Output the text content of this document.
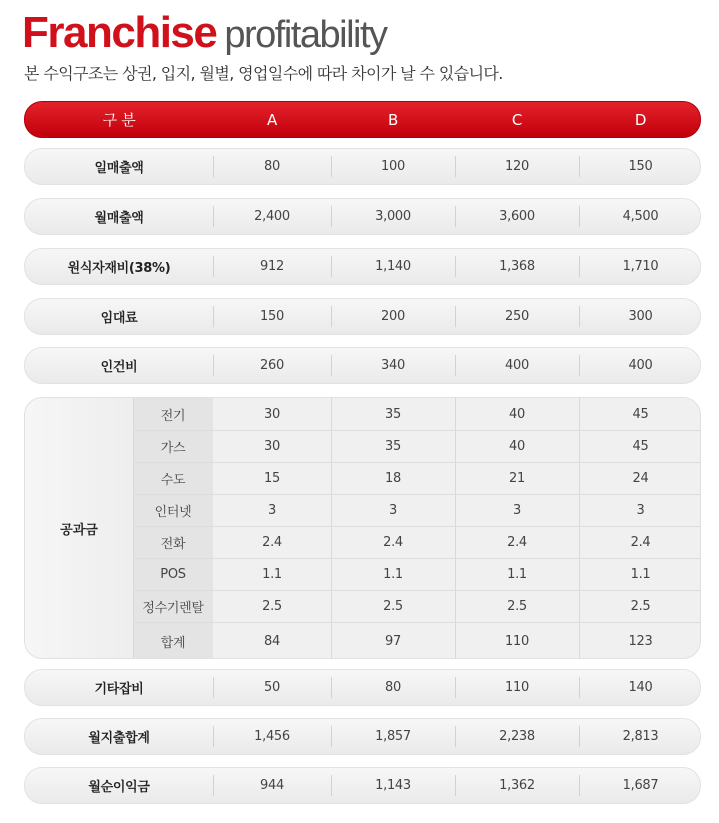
Franchise profitability
본 수익구조는 상권, 입지, 월별, 영업일수에 따라 차이가 날 수 있습니다.
구 분	A	B	C	D
일매출액	80	100	120	150
월매출액	2,400	3,000	3,600	4,500
원식자재비(38%)	912	1,140	1,368	1,710
임대료	150	200	250	300
인건비	260	340	400	400
공과금
전기	30	35	40	45
가스	30	35	40	45
수도	15	18	21	24
인터넷	3	3	3	3
전화	2.4	2.4	2.4	2.4
POS	1.1	1.1	1.1	1.1
정수기렌탈	2.5	2.5	2.5	2.5
합계	84	97	110	123
기타잡비	50	80	110	140
월지출합계	1,456	1,857	2,238	2,813
월순이익금	944	1,143	1,362	1,687
